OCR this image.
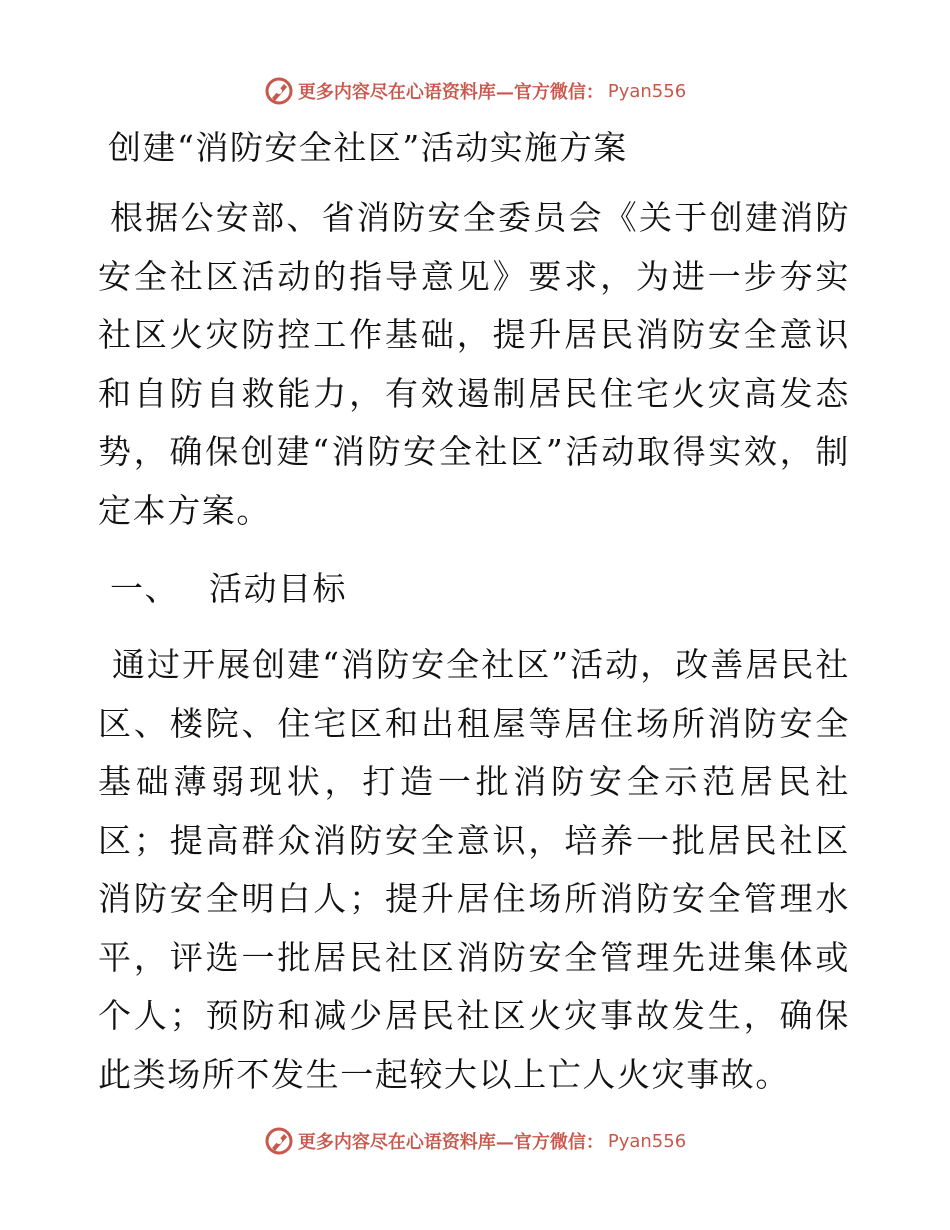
更多内容尽在心语资料库—官方微信： Pyan556
创建“消防安全社区”活动实施方案

根据公安部、省消防安全委员会《关于创建消防安全社区活动的指导意见》要求，为进一步夯实社区火灾防控工作基础，提升居民消防安全意识和自防自救能力，有效遏制居民住宅火灾高发态势，确保创建“消防安全社区”活动取得实效，制定本方案。

一、 活动目标

通过开展创建“消防安全社区”活动，改善居民社区、楼院、住宅区和出租屋等居住场所消防安全基础薄弱现状，打造一批消防安全示范居民社区；提高群众消防安全意识，培养一批居民社区消防安全明白人；提升居住场所消防安全管理水平，评选一批居民社区消防安全管理先进集体或个人；预防和减少居民社区火灾事故发生，确保此类场所不发生一起较大以上亡人火灾事故。

更多内容尽在心语资料库—官方微信： Pyan556
